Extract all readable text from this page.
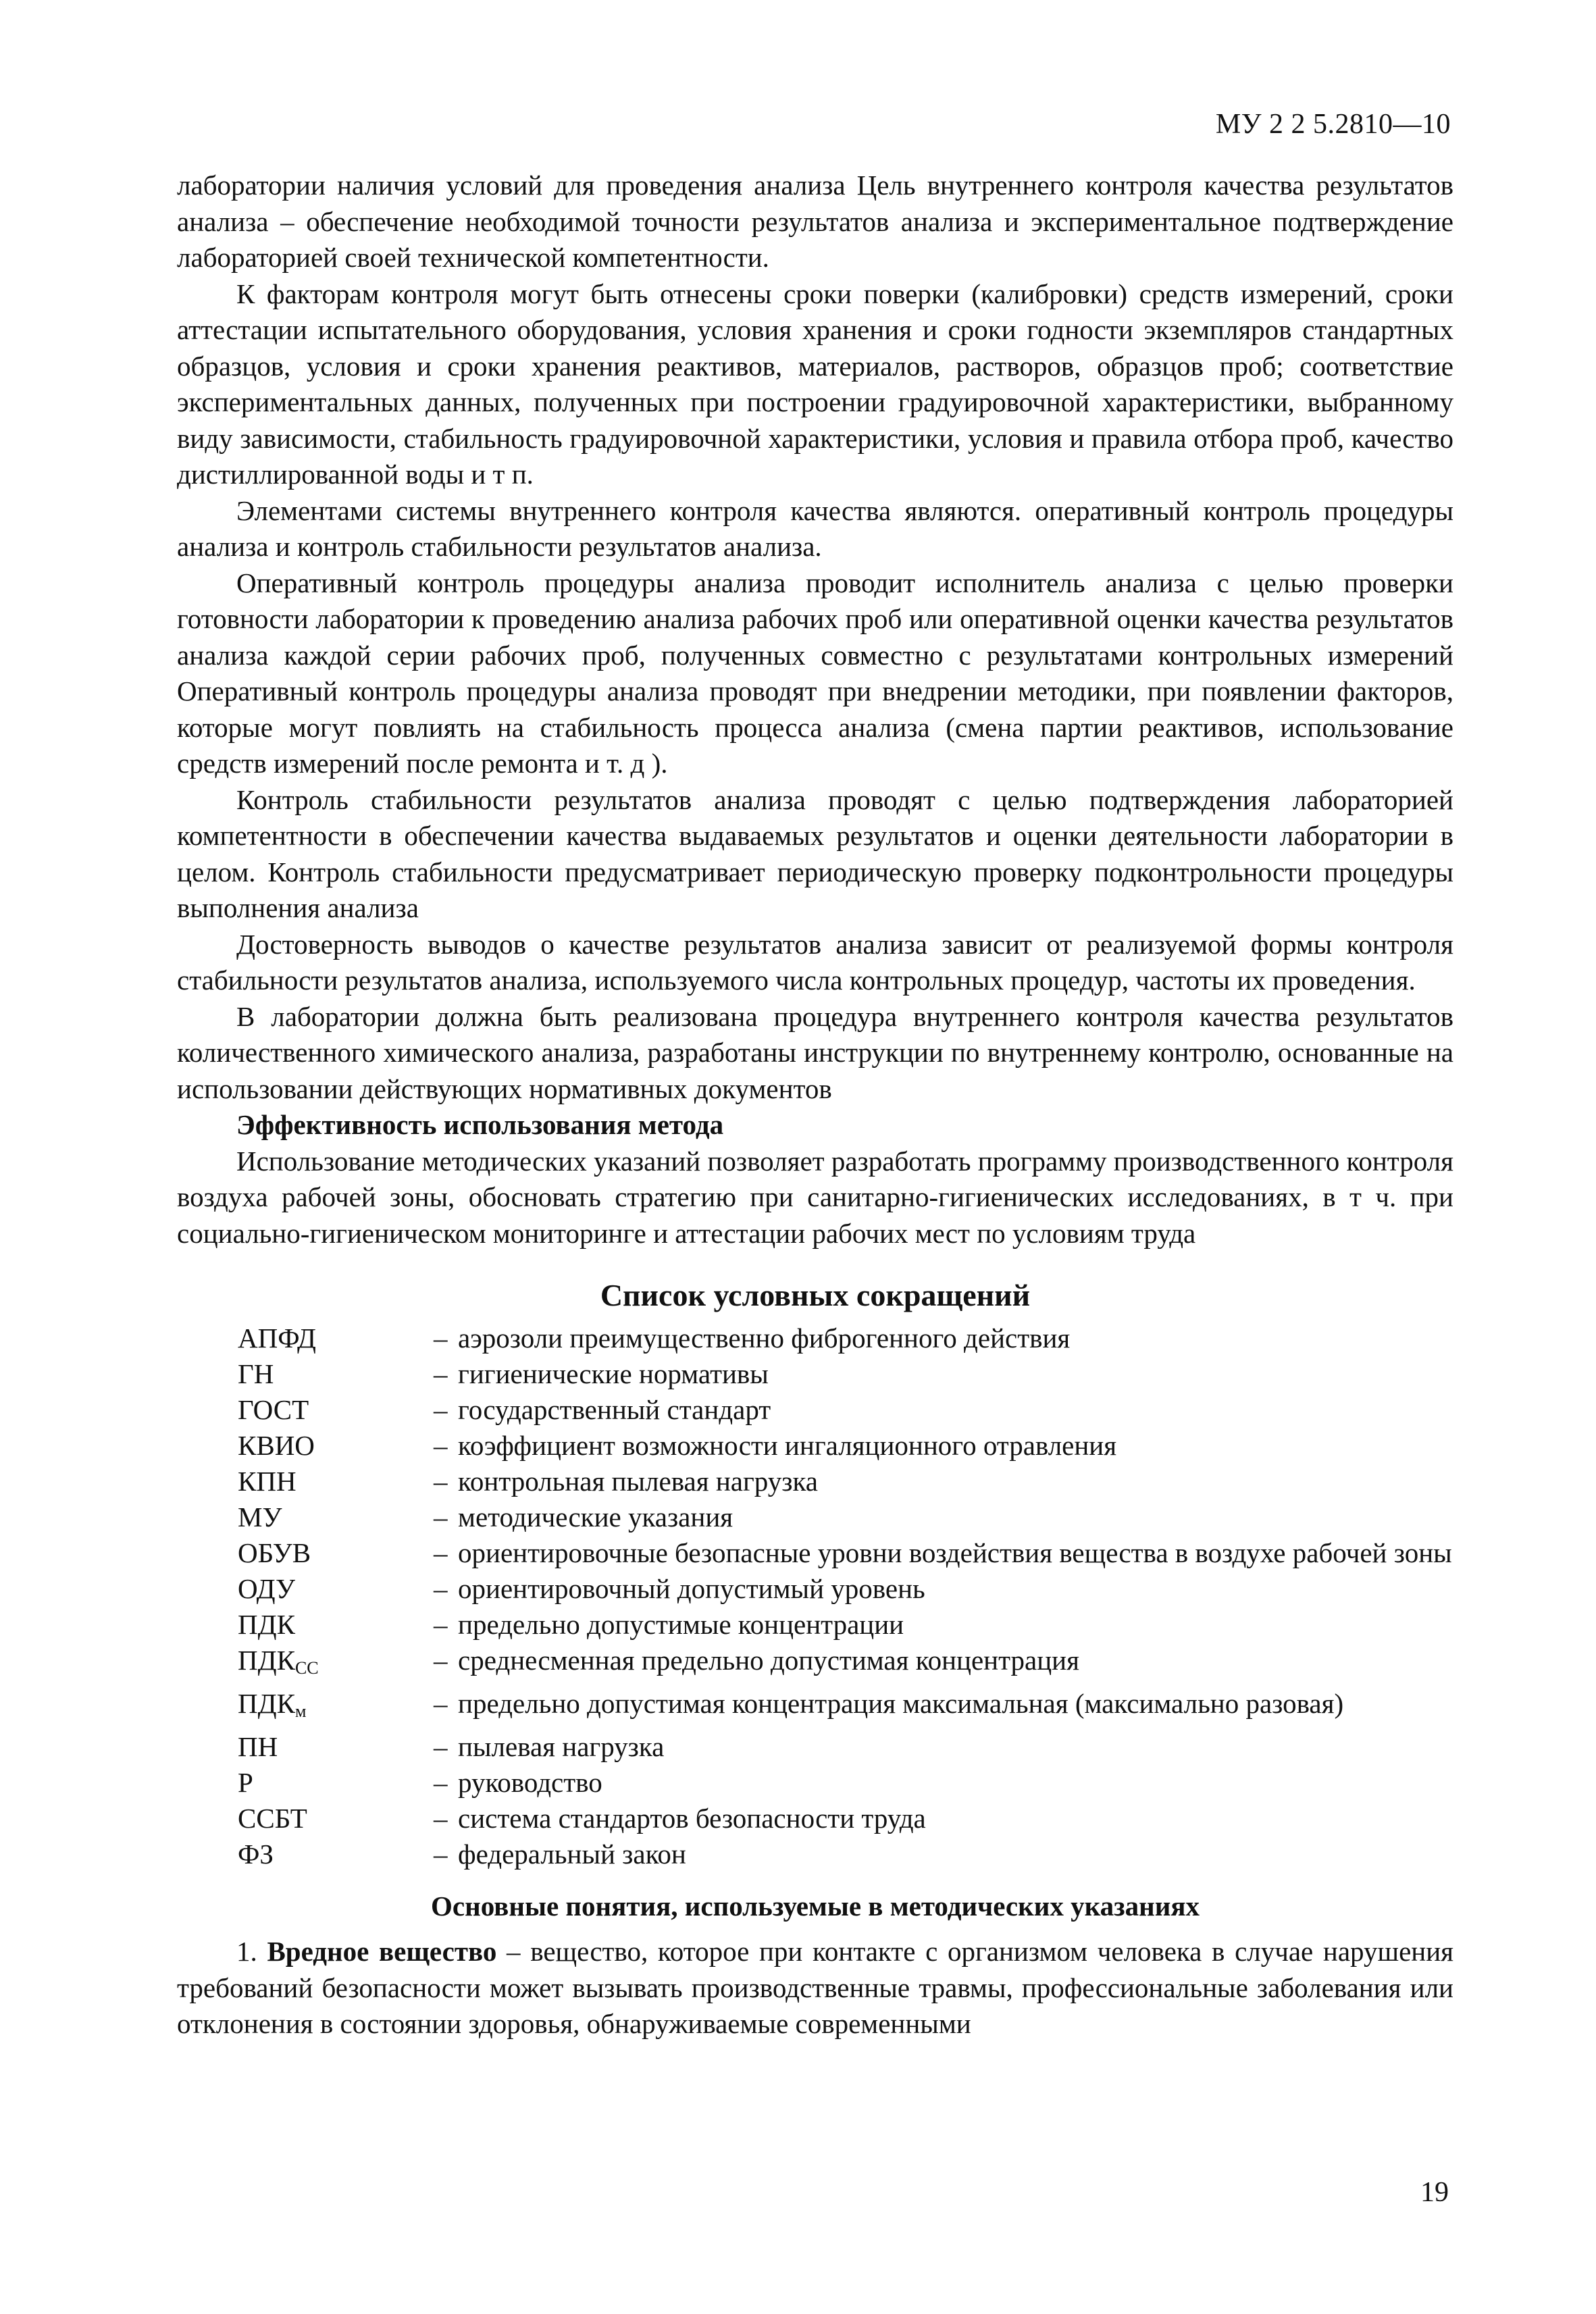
МУ 2 2 5.2810—10

лаборатории наличия условий для проведения анализа Цель внутреннего контроля качества результатов анализа – обеспечение необходимой точности результатов анализа и экспериментальное подтверждение лабораторией своей технической компетентности.

К факторам контроля могут быть отнесены сроки поверки (калибровки) средств измерений, сроки аттестации испытательного оборудования, условия хранения и сроки годности экземпляров стандартных образцов, условия и сроки хранения реактивов, материалов, растворов, образцов проб; соответствие экспериментальных данных, полученных при построении градуировочной характеристики, выбранному виду зависимости, стабильность градуировочной характеристики, условия и правила отбора проб, качество дистиллированной воды и т п.

Элементами системы внутреннего контроля качества являются. оперативный контроль процедуры анализа и контроль стабильности результатов анализа.

Оперативный контроль процедуры анализа проводит исполнитель анализа с целью проверки готовности лаборатории к проведению анализа рабочих проб или оперативной оценки качества результатов анализа каждой серии рабочих проб, полученных совместно с результатами контрольных измерений Оперативный контроль процедуры анализа проводят при внедрении методики, при появлении факторов, которые могут повлиять на стабильность процесса анализа (смена партии реактивов, использование средств измерений после ремонта и т. д ).

Контроль стабильности результатов анализа проводят с целью подтверждения лабораторией компетентности в обеспечении качества выдаваемых результатов и оценки деятельности лаборатории в целом. Контроль стабильности предусматривает периодическую проверку подконтрольности процедуры выполнения анализа

Достоверность выводов о качестве результатов анализа зависит от реализуемой формы контроля стабильности результатов анализа, используемого числа контрольных процедур, частоты их проведения.

В лаборатории должна быть реализована процедура внутреннего контроля качества результатов количественного химического анализа, разработаны инструкции по внутреннему контролю, основанные на использовании действующих нормативных документов

Эффективность использования метода

Использование методических указаний позволяет разработать программу производственного контроля воздуха рабочей зоны, обосновать стратегию при санитарно-гигиенических исследованиях, в т ч. при социально-гигиеническом мониторинге и аттестации рабочих мест по условиям труда

Список условных сокращений
АПФД	– аэрозоли преимущественно фиброгенного действия
ГН	– гигиенические нормативы
ГОСТ	– государственный стандарт
КВИО	– коэффициент возможности ингаляционного отравления
КПН	– контрольная пылевая нагрузка
МУ	– методические указания
ОБУВ	– ориентировочные безопасные уровни воздействия вещества в воздухе рабочей зоны
ОДУ	– ориентировочный допустимый уровень
ПДК	– предельно допустимые концентрации
$ПДК_{СС}$	– среднесменная предельно допустимая концентрация
$ПДК_м$	– предельно допустимая концентрация максимальная (максимально разовая)
ПН	– пылевая нагрузка
Р	– руководство
ССБТ	– система стандартов безопасности труда
ФЗ	– федеральный закон
Основные понятия, используемые в методических указаниях

1. Вредное вещество – вещество, которое при контакте с организмом человека в случае нарушения требований безопасности может вызывать производственные травмы, профессиональные заболевания или отклонения в состоянии здоровья, обнаруживаемые современными

19
